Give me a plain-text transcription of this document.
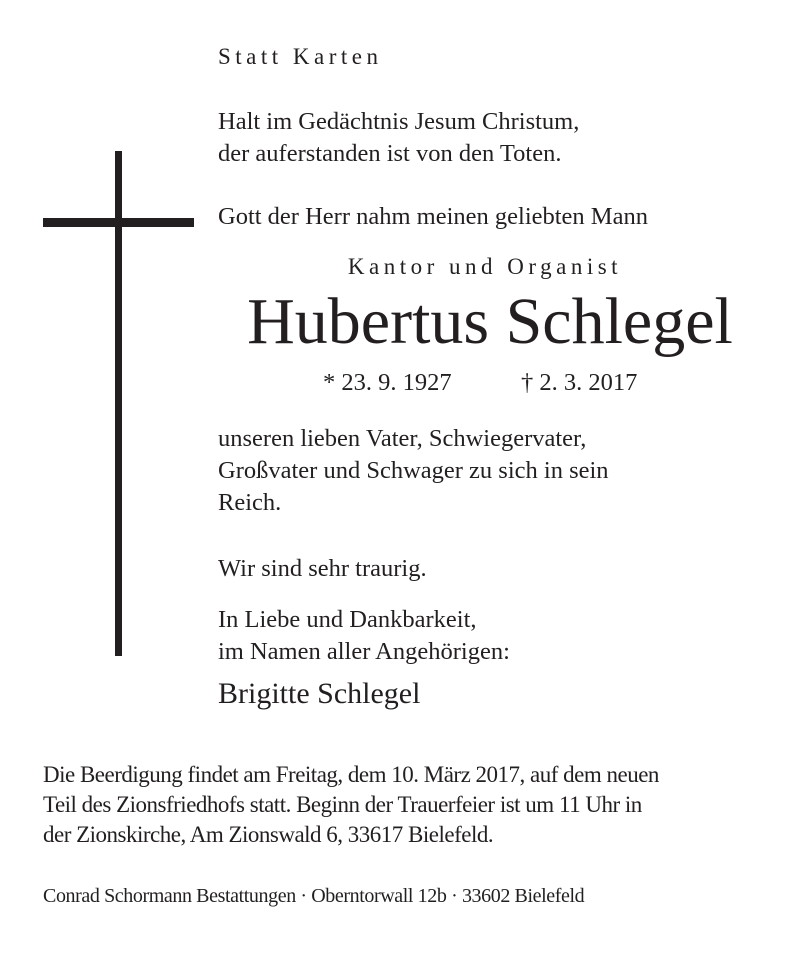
Statt Karten
Halt im Gedächtnis Jesum Christum,
der auferstanden ist von den Toten.
Gott der Herr nahm meinen geliebten Mann
Kantor und Organist
Hubertus Schlegel
* 23. 9. 1927	† 2. 3. 2017
unseren lieben Vater, Schwiegervater,
Großvater und Schwager zu sich in sein
Reich.
Wir sind sehr traurig.
In Liebe und Dankbarkeit,
im Namen aller Angehörigen:
Brigitte Schlegel
Die Beerdigung findet am Freitag, dem 10. März 2017, auf dem neuen
Teil des Zionsfriedhofs statt. Beginn der Trauerfeier ist um 11 Uhr in
der Zionskirche, Am Zionswald 6, 33617 Bielefeld.
Conrad Schormann Bestattungen · Oberntorwall 12b · 33602 Bielefeld
